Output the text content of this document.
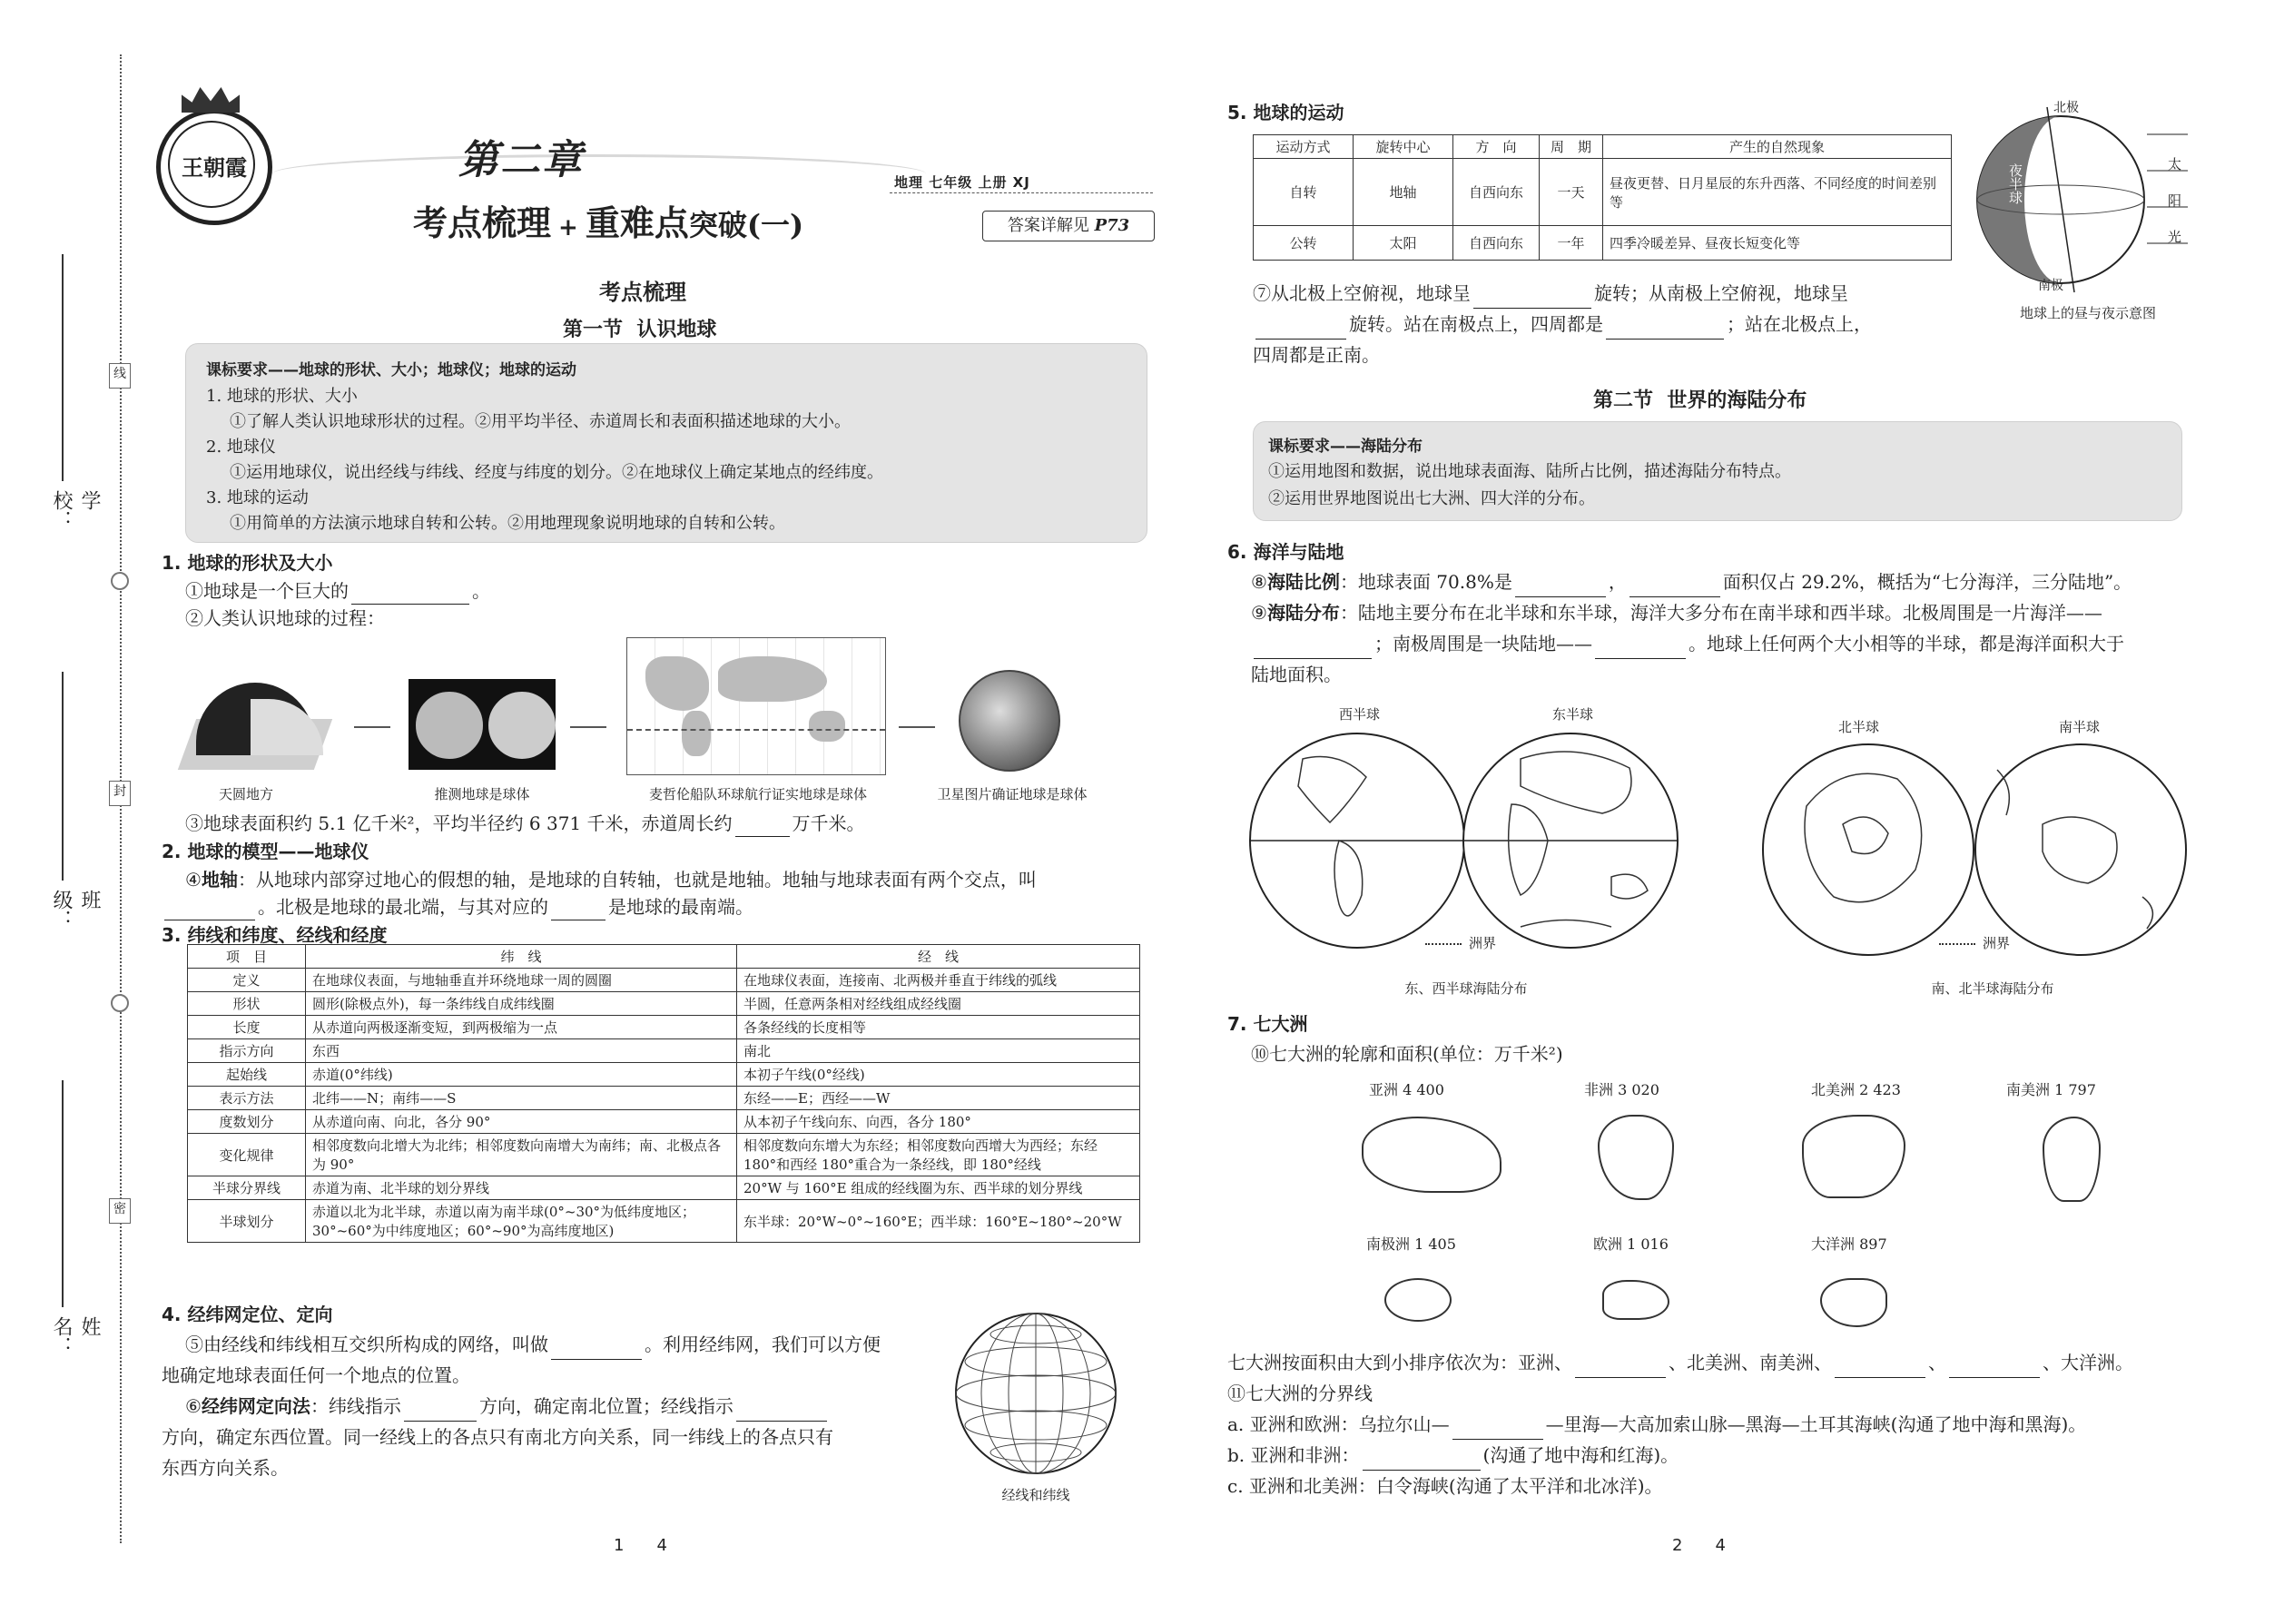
学校：
班级：
姓名：
线
封
密
王朝霞	第二章
考点梳理 + 重难点突破(一)
地理 七年级 上册 XJ
答案详解见 P73
考点梳理
第一节  认识地球
课标要求——地球的形状、大小；地球仪；地球的运动

1. 地球的形状、大小

①了解人类认识地球形状的过程。②用平均半径、赤道周长和表面积描述地球的大小。

2. 地球仪

①运用地球仪，说出经线与纬线、经度与纬度的划分。②在地球仪上确定某地点的经纬度。

3. 地球的运动

①用简单的方法演示地球自转和公转。②用地理现象说明地球的自转和公转。

1. 地球的形状及大小

①地球是一个巨大的	。

②人类认识地球的过程：

天圆地方	推测地球是球体	麦哲伦船队环球航行证实地球是球体	卫星图片确证地球是球体

③地球表面积约 5.1 亿千米²，平均半径约 6 371 千米，赤道周长约	万千米。

2. 地球的模型——地球仪

④地轴：从地球内部穿过地心的假想的轴，是地球的自转轴，也就是地轴。地轴与地球表面有两个交点，叫

。北极是地球的最北端，与其对应的	是地球的最南端。

3. 纬线和纬度、经线和经度

项　目	纬　线	经　线
定义	在地球仪表面，与地轴垂直并环绕地球一周的圆圈	在地球仪表面，连接南、北两极并垂直于纬线的弧线
形状	圆形(除极点外)，每一条纬线自成纬线圈	半圆，任意两条相对经线组成经线圈
长度	从赤道向两极逐渐变短，到两极缩为一点	各条经线的长度相等
指示方向	东西	南北
起始线	赤道(0°纬线)	本初子午线(0°经线)
表示方法	北纬——N；南纬——S	东经——E；西经——W
度数划分	从赤道向南、向北，各分 90°	从本初子午线向东、向西，各分 180°
变化规律	相邻度数向北增大为北纬；相邻度数向南增大为南纬；南、北极点各为 90°	相邻度数向东增大为东经；相邻度数向西增大为西经；东经 180°和西经 180°重合为一条经线，即 180°经线
半球分界线	赤道为南、北半球的划分界线	20°W 与 160°E 组成的经线圈为东、西半球的划分界线
半球划分	赤道以北为北半球，赤道以南为南半球(0°~30°为低纬度地区；30°~60°为中纬度地区；60°~90°为高纬度地区)	东半球：20°W~0°~160°E；西半球：160°E~180°~20°W

4. 经纬网定位、定向

⑤由经线和纬线相互交织所构成的网络，叫做	。利用经纬网，我们可以方便

地确定地球表面任何一个地点的位置。

⑥经纬网定向法：纬线指示	方向，确定南北位置；经线指示

方向，确定东西位置。同一经线上的各点只有南北方向关系，同一纬线上的各点只有

东西方向关系。

经线和纬线
1　　4
5. 地球的运动
运动方式	旋转中心	方　向	周　期	产生的自然现象
自转	地轴	自西向东	一天	昼夜更替、日月星辰的东升西落、不同经度的时间差别等
公转	太阳	自西向东	一年	四季冷暖差异、昼夜长短变化等

⑦从北极上空俯视，地球呈	旋转；从南极上空俯视，地球呈

旋转。站在南极点上，四周都是	；站在北极点上，

四周都是正南。

北极
南极
夜半球	太
阳
光
地球上的昼与夜示意图
第二节  世界的海陆分布
课标要求——海陆分布

①运用地图和数据，说出地球表面海、陆所占比例，描述海陆分布特点。

②运用世界地图说出七大洲、四大洋的分布。

6. 海洋与陆地

⑧海陆比例：地球表面 70.8%是	，	面积仅占 29.2%，概括为“七分海洋，三分陆地”。

⑨海陆分布：陆地主要分布在北半球和东半球，海洋大多分布在南半球和西半球。北极周围是一片海洋——

；南极周围是一块陆地——	。地球上任何两个大小相等的半球，都是海洋面积大于

陆地面积。

西半球	东半球
洲界
东、西半球海陆分布
北半球	南半球
洲界
南、北半球海陆分布

7. 七大洲

⑩七大洲的轮廓和面积(单位：万千米²)

亚洲 4 400	非洲 3 020	北美洲 2 423	南美洲 1 797
南极洲 1 405	欧洲 1 016	大洋洲 897

七大洲按面积由大到小排序依次为：亚洲、	、北美洲、南美洲、	、	、大洋洲。

⑪七大洲的分界线

a. 亚洲和欧洲：乌拉尔山—	—里海—大高加索山脉—黑海—土耳其海峡(沟通了地中海和黑海)。

b. 亚洲和非洲：	(沟通了地中海和红海)。

c. 亚洲和北美洲：白令海峡(沟通了太平洋和北冰洋)。

2　　4
